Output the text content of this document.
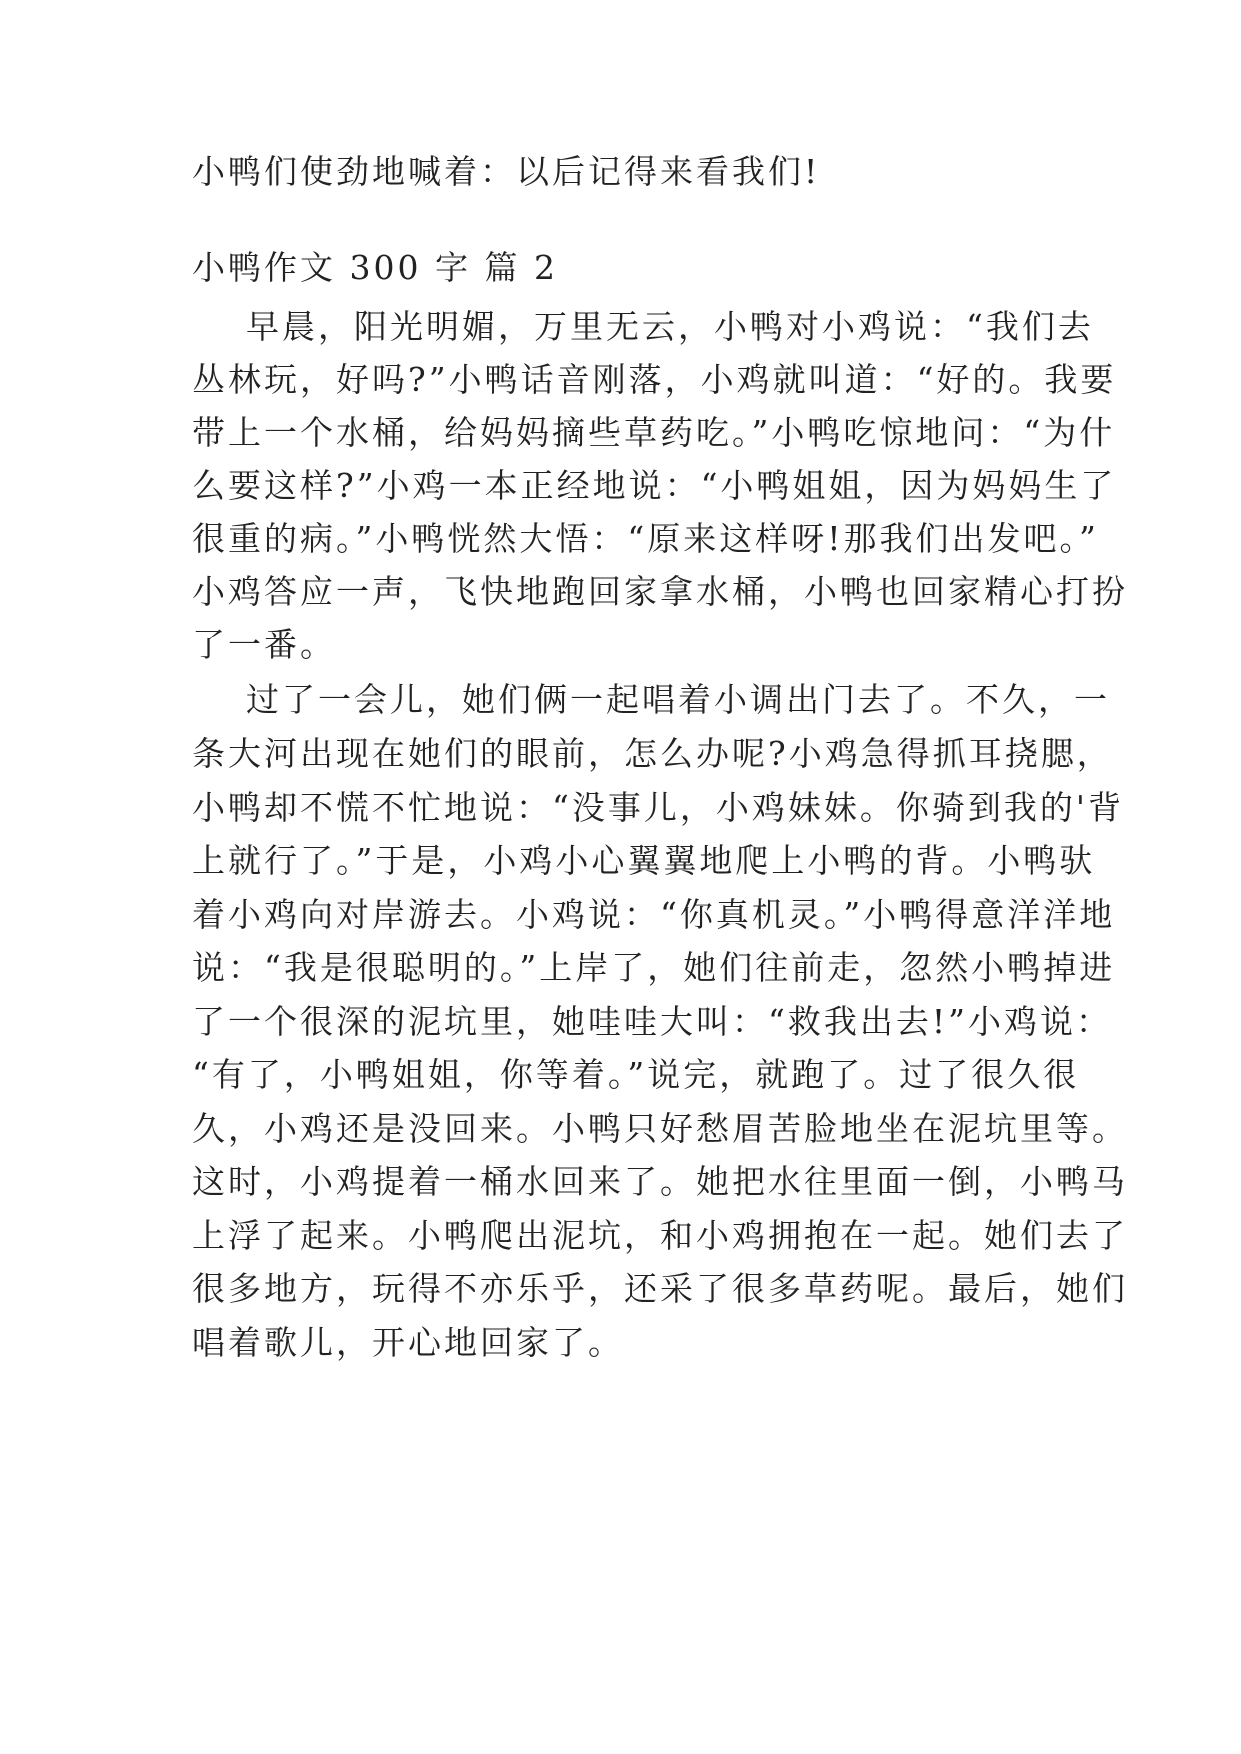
小鸭们使劲地喊着：以后记得来看我们!
小鸭作文 300 字 篇 2
早晨，阳光明媚，万里无云，小鸭对小鸡说：“我们去
丛林玩，好吗?”小鸭话音刚落，小鸡就叫道：“好的。我要
带上一个水桶，给妈妈摘些草药吃。”小鸭吃惊地问：“为什
么要这样?”小鸡一本正经地说：“小鸭姐姐，因为妈妈生了
很重的病。”小鸭恍然大悟：“原来这样呀!那我们出发吧。”
小鸡答应一声，飞快地跑回家拿水桶，小鸭也回家精心打扮
了一番。
过了一会儿，她们俩一起唱着小调出门去了。不久，一
条大河出现在她们的眼前，怎么办呢?小鸡急得抓耳挠腮，
小鸭却不慌不忙地说：“没事儿，小鸡妹妹。你骑到我的'背
上就行了。”于是，小鸡小心翼翼地爬上小鸭的背。小鸭驮
着小鸡向对岸游去。小鸡说：“你真机灵。”小鸭得意洋洋地
说：“我是很聪明的。”上岸了，她们往前走，忽然小鸭掉进
了一个很深的泥坑里，她哇哇大叫：“救我出去!”小鸡说：
“有了，小鸭姐姐，你等着。”说完，就跑了。过了很久很
久，小鸡还是没回来。小鸭只好愁眉苦脸地坐在泥坑里等。
这时，小鸡提着一桶水回来了。她把水往里面一倒，小鸭马
上浮了起来。小鸭爬出泥坑，和小鸡拥抱在一起。她们去了
很多地方，玩得不亦乐乎，还采了很多草药呢。最后，她们
唱着歌儿，开心地回家了。
